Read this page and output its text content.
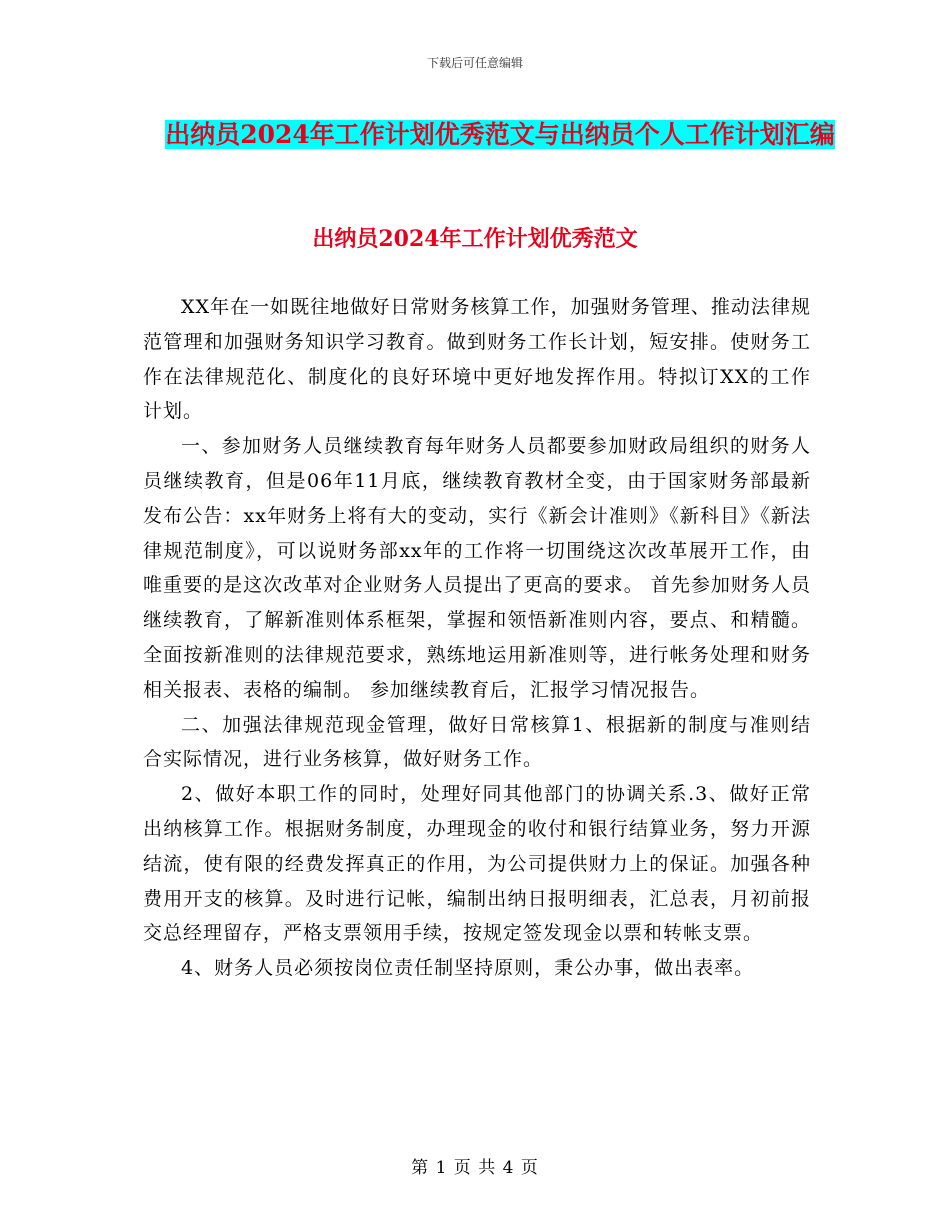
下载后可任意编辑
出纳员2024年工作计划优秀范文与出纳员个人工作计划汇编
出纳员2024年工作计划优秀范文

XX年在一如既往地做好日常财务核算工作，加强财务管理、推动法律规范管理和加强财务知识学习教育。做到财务工作长计划，短安排。使财务工作在法律规范化、制度化的良好环境中更好地发挥作用。特拟订XX的工作计划。

一、参加财务人员继续教育每年财务人员都要参加财政局组织的财务人员继续教育，但是06年11月底，继续教育教材全变，由于国家财务部最新发布公告：xx年财务上将有大的变动，实行《新会计准则》《新科目》《新法律规范制度》，可以说财务部xx年的工作将一切围绕这次改革展开工作，由唯重要的是这次改革对企业财务人员提出了更高的要求。 首先参加财务人员继续教育，了解新准则体系框架，掌握和领悟新准则内容，要点、和精髓。全面按新准则的法律规范要求，熟练地运用新准则等，进行帐务处理和财务相关报表、表格的编制。 参加继续教育后，汇报学习情况报告。

二、加强法律规范现金管理，做好日常核算1、根据新的制度与准则结合实际情况，进行业务核算，做好财务工作。

2、做好本职工作的同时，处理好同其他部门的协调关系.3、做好正常出纳核算工作。根据财务制度，办理现金的收付和银行结算业务，努力开源结流，使有限的经费发挥真正的作用，为公司提供财力上的保证。加强各种费用开支的核算。及时进行记帐，编制出纳日报明细表，汇总表，月初前报交总经理留存，严格支票领用手续，按规定签发现金以票和转帐支票。

4、财务人员必须按岗位责任制坚持原则，秉公办事，做出表率。

第 1 页 共 4 页
